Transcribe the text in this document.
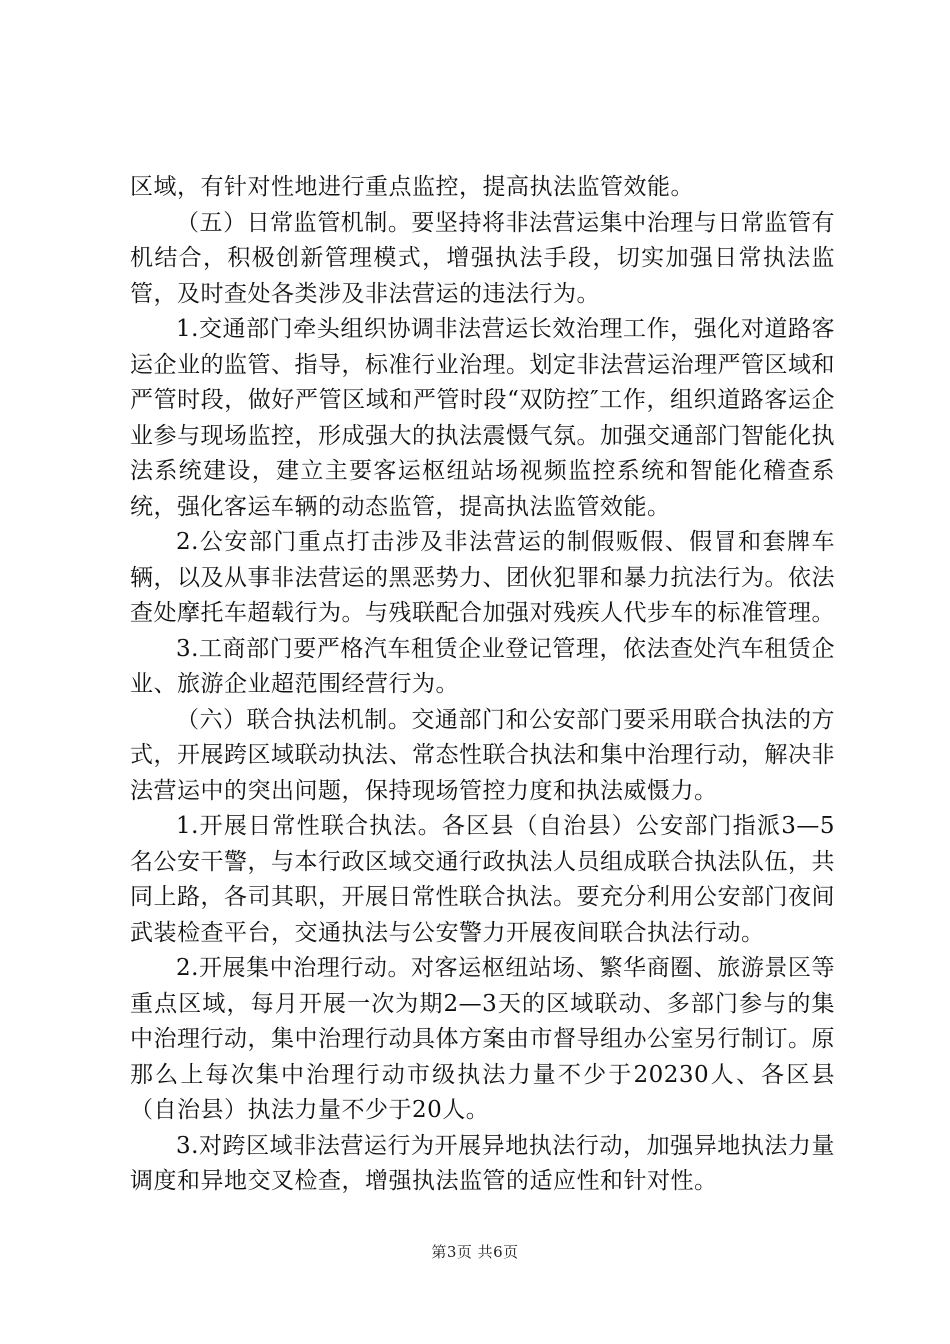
区域，有针对性地进行重点监控，提高执法监管效能。

（五）日常监管机制。要坚持将非法营运集中治理与日常监管有机结合，积极创新管理模式，增强执法手段，切实加强日常执法监管，及时查处各类涉及非法营运的违法行为。

1.交通部门牵头组织协调非法营运长效治理工作，强化对道路客运企业的监管、指导，标准行业治理。划定非法营运治理严管区域和严管时段，做好严管区域和严管时段“双防控″工作，组织道路客运企业参与现场监控，形成强大的执法震慑气氛。加强交通部门智能化执法系统建设，建立主要客运枢纽站场视频监控系统和智能化稽查系统，强化客运车辆的动态监管，提高执法监管效能。

2.公安部门重点打击涉及非法营运的制假贩假、假冒和套牌车辆，以及从事非法营运的黑恶势力、团伙犯罪和暴力抗法行为。依法查处摩托车超载行为。与残联配合加强对残疾人代步车的标准管理。

3.工商部门要严格汽车租赁企业登记管理，依法查处汽车租赁企业、旅游企业超范围经营行为。

（六）联合执法机制。交通部门和公安部门要采用联合执法的方式，开展跨区域联动执法、常态性联合执法和集中治理行动，解决非法营运中的突出问题，保持现场管控力度和执法威慑力。

1.开展日常性联合执法。各区县（自治县）公安部门指派3—5名公安干警，与本行政区域交通行政执法人员组成联合执法队伍，共同上路，各司其职，开展日常性联合执法。要充分利用公安部门夜间武装检查平台，交通执法与公安警力开展夜间联合执法行动。

2.开展集中治理行动。对客运枢纽站场、繁华商圈、旅游景区等重点区域，每月开展一次为期2—3天的区域联动、多部门参与的集中治理行动，集中治理行动具体方案由市督导组办公室另行制订。原那么上每次集中治理行动市级执法力量不少于20230人、各区县（自治县）执法力量不少于20人。

3.对跨区域非法营运行为开展异地执法行动，加强异地执法力量调度和异地交叉检查，增强执法监管的适应性和针对性。

第3页 共6页
